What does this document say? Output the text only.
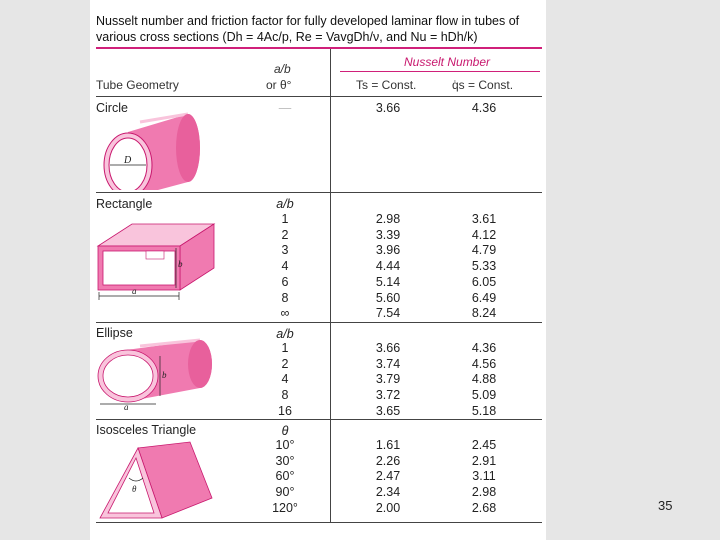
Nusselt number and friction factor for fully developed laminar flow in tubes of
various cross sections (Dh = 4Ac/p, Re = VavgDh/ν, and Nu = hDh/k)
Tube Geometry
a/b
or θ°
Nusselt Number
Ts = Const.	q̇s = Const.
Circle	—	3.66	4.36
D
Rectangle	a/b
1	2.98	3.61
2	3.39	4.12
3	3.96	4.79
4	4.44	5.33
6	5.14	6.05
8	5.60	6.49
∞	7.54	8.24
b
a
Ellipse	a/b
1	3.66	4.36
2	3.74	4.56
4	3.79	4.88
8	3.72	5.09
16	3.65	5.18
b
a
Isosceles Triangle	θ
10°	1.61	2.45
30°	2.26	2.91
60°	2.47	3.11
90°	2.34	2.98
120°	2.00	2.68
θ
35
